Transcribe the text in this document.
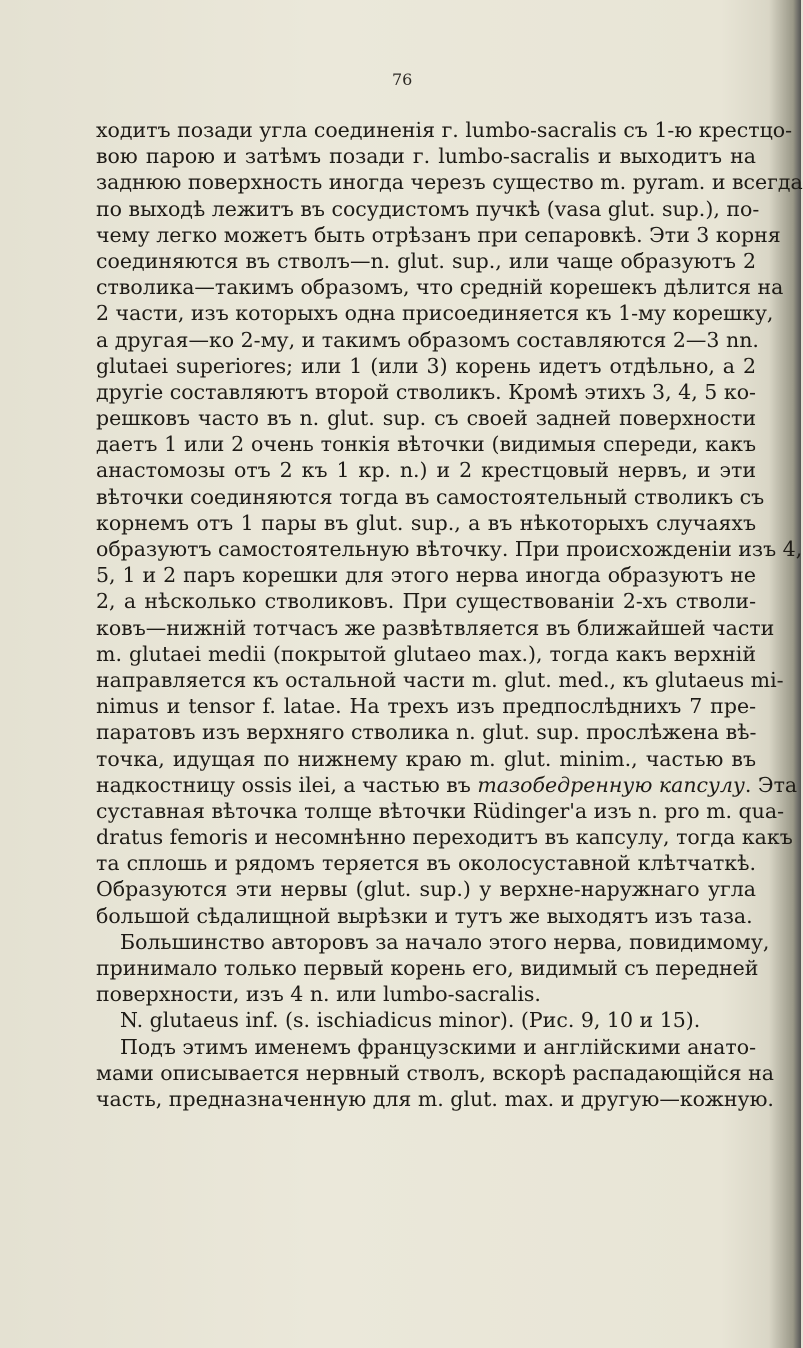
76
ходитъ позади угла соединенія г. lumbo-sacralis съ 1-ю крестцо-
вою парою и затѣмъ позади г. lumbo-sacralis и выходитъ на
заднюю поверхность иногда черезъ существо m. pyram. и всегда
по выходѣ лежитъ въ сосудистомъ пучкѣ (vasa glut. sup.), по-
чему легко можетъ быть отрѣзанъ при сепаровкѣ. Эти 3 корня
соединяются въ стволъ—n. glut. sup., или чаще образуютъ 2
стволика—такимъ образомъ, что средній корешекъ дѣлится на
2 части, изъ которыхъ одна присоединяется къ 1-му корешку,
а другая—ко 2-му, и такимъ образомъ составляются 2—3 nn.
glutaei superiores; или 1 (или 3) корень идетъ отдѣльно, а 2
другіе составляютъ второй стволикъ. Кромѣ этихъ 3, 4, 5 ко-
решковъ часто въ n. glut. sup. съ своей задней поверхности
даетъ 1 или 2 очень тонкія вѣточки (видимыя спереди, какъ
анастомозы отъ 2 къ 1 кр. n.) и 2 крестцовый нервъ, и эти
вѣточки соединяются тогда въ самостоятельный стволикъ съ
корнемъ отъ 1 пары въ glut. sup., а въ нѣкоторыхъ случаяхъ
образуютъ самостоятельную вѣточку. При происхожденіи изъ 4,
5, 1 и 2 паръ корешки для этого нерва иногда образуютъ не
2, а нѣсколько стволиковъ. При существованіи 2-хъ стволи-
ковъ—нижній тотчасъ же развѣтвляется въ ближайшей части
m. glutaei medii (покрытой glutaeo max.), тогда какъ верхній
направляется къ остальной части m. glut. med., къ glutaeus mi-
nimus и tensor f. latae. На трехъ изъ предпослѣднихъ 7 пре-
паратовъ изъ верхняго стволика n. glut. sup. прослѣжена вѣ-
точка, идущая по нижнему краю m. glut. minim., частью въ
надкостницу ossis ilei, а частью въ тазобедренную капсулу. Эта
суставная вѣточка толще вѣточки Rüdinger'a изъ n. pro m. qua-
dratus femoris и несомнѣнно переходитъ въ капсулу, тогда какъ
та сплошь и рядомъ теряется въ околосуставной клѣтчаткѣ.
Образуются эти нервы (glut. sup.) у верхне-наружнаго угла
большой сѣдалищной вырѣзки и тутъ же выходятъ изъ таза.
Большинство авторовъ за начало этого нерва, повидимому,
принимало только первый корень его, видимый съ передней
поверхности, изъ 4 n. или lumbo-sacralis.
N. glutaeus inf. (s. ischiadicus minor). (Рис. 9, 10 и 15).
Подъ этимъ именемъ французскими и англійскими анато-
мами описывается нервный стволъ, вскорѣ распадающійся на
часть, предназначенную для m. glut. max. и другую—кожную.
